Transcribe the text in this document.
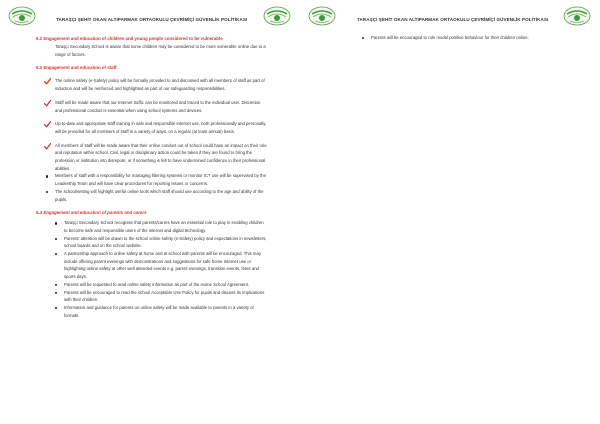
TARAŞÇI ŞEHİT OKAN ALTIPARMAK ORTAOKULU ÇEVRİMİÇİ GÜVENLİK POLİTİKASI
6.2 Engagement and education of children and young people considered to be vulnerable
Taraşçı Secondary School is aware that some children may be considered to be more vulnerable online due to a range of factors.
6.3 Engagement and education of staff
The online safety (e-Safety) policy will be formally provided to and discussed with all members of staff as part of induction and will be reinforced and highlighted as part of our safeguarding responsibilities.
Staff will be made aware that our Internet traffic can be monitored and traced to the individual user. Discretion and professional conduct is essential when using school systems and devices.
Up-to-date and appropriate staff training in safe and responsible Internet use, both professionally and personally, will be provided for all members of staff in a variety of ways, on a regular (at least annual) basis.
All members of staff will be made aware that their online conduct out of school could have an impact on their role and reputation within school. Civil, legal or disciplinary action could be taken if they are found to bring the profession or institution into disrepute, or if something is felt to have undermined confidence in their professional abilities.
Members of staff with a responsibility for managing filtering systems or monitor ICT use will be supervised by the Leadership Team and will have clear procedures for reporting issues or concerns.
The school/setting will highlight useful online tools which staff should use according to the age and ability of the pupils.
6.4 Engagement and education of parents and carers
Taraşçı Secondary School recognise that parents/carers have an essential role to play in enabling children to become safe and responsible users of the internet and digital technology.
Parents' attention will be drawn to the school online safety (e-Safety) policy and expectations in newsletters, school boards and on the school website.
A partnership approach to online safety at home and at school with parents will be encouraged. This may include offering parent evenings with demonstrations and suggestions for safe home Internet use or highlighting online safety at other well attended events e.g. parent evenings, transition events, fetes and sports days.
Parents will be requested to read online safety information as part of the Home School Agreement.
Parents will be encouraged to read the school Acceptable Use Policy for pupils and discuss its implications with their children.
Information and guidance for parents on online safety will be made available to parents in a variety of formats.
TARAŞÇI ŞEHİT OKAN ALTIPARMAK ORTAOKULU ÇEVRİMİÇİ GÜVENLİK POLİTİKASI
Parents will be encouraged to role model positive behaviour for their children online.
